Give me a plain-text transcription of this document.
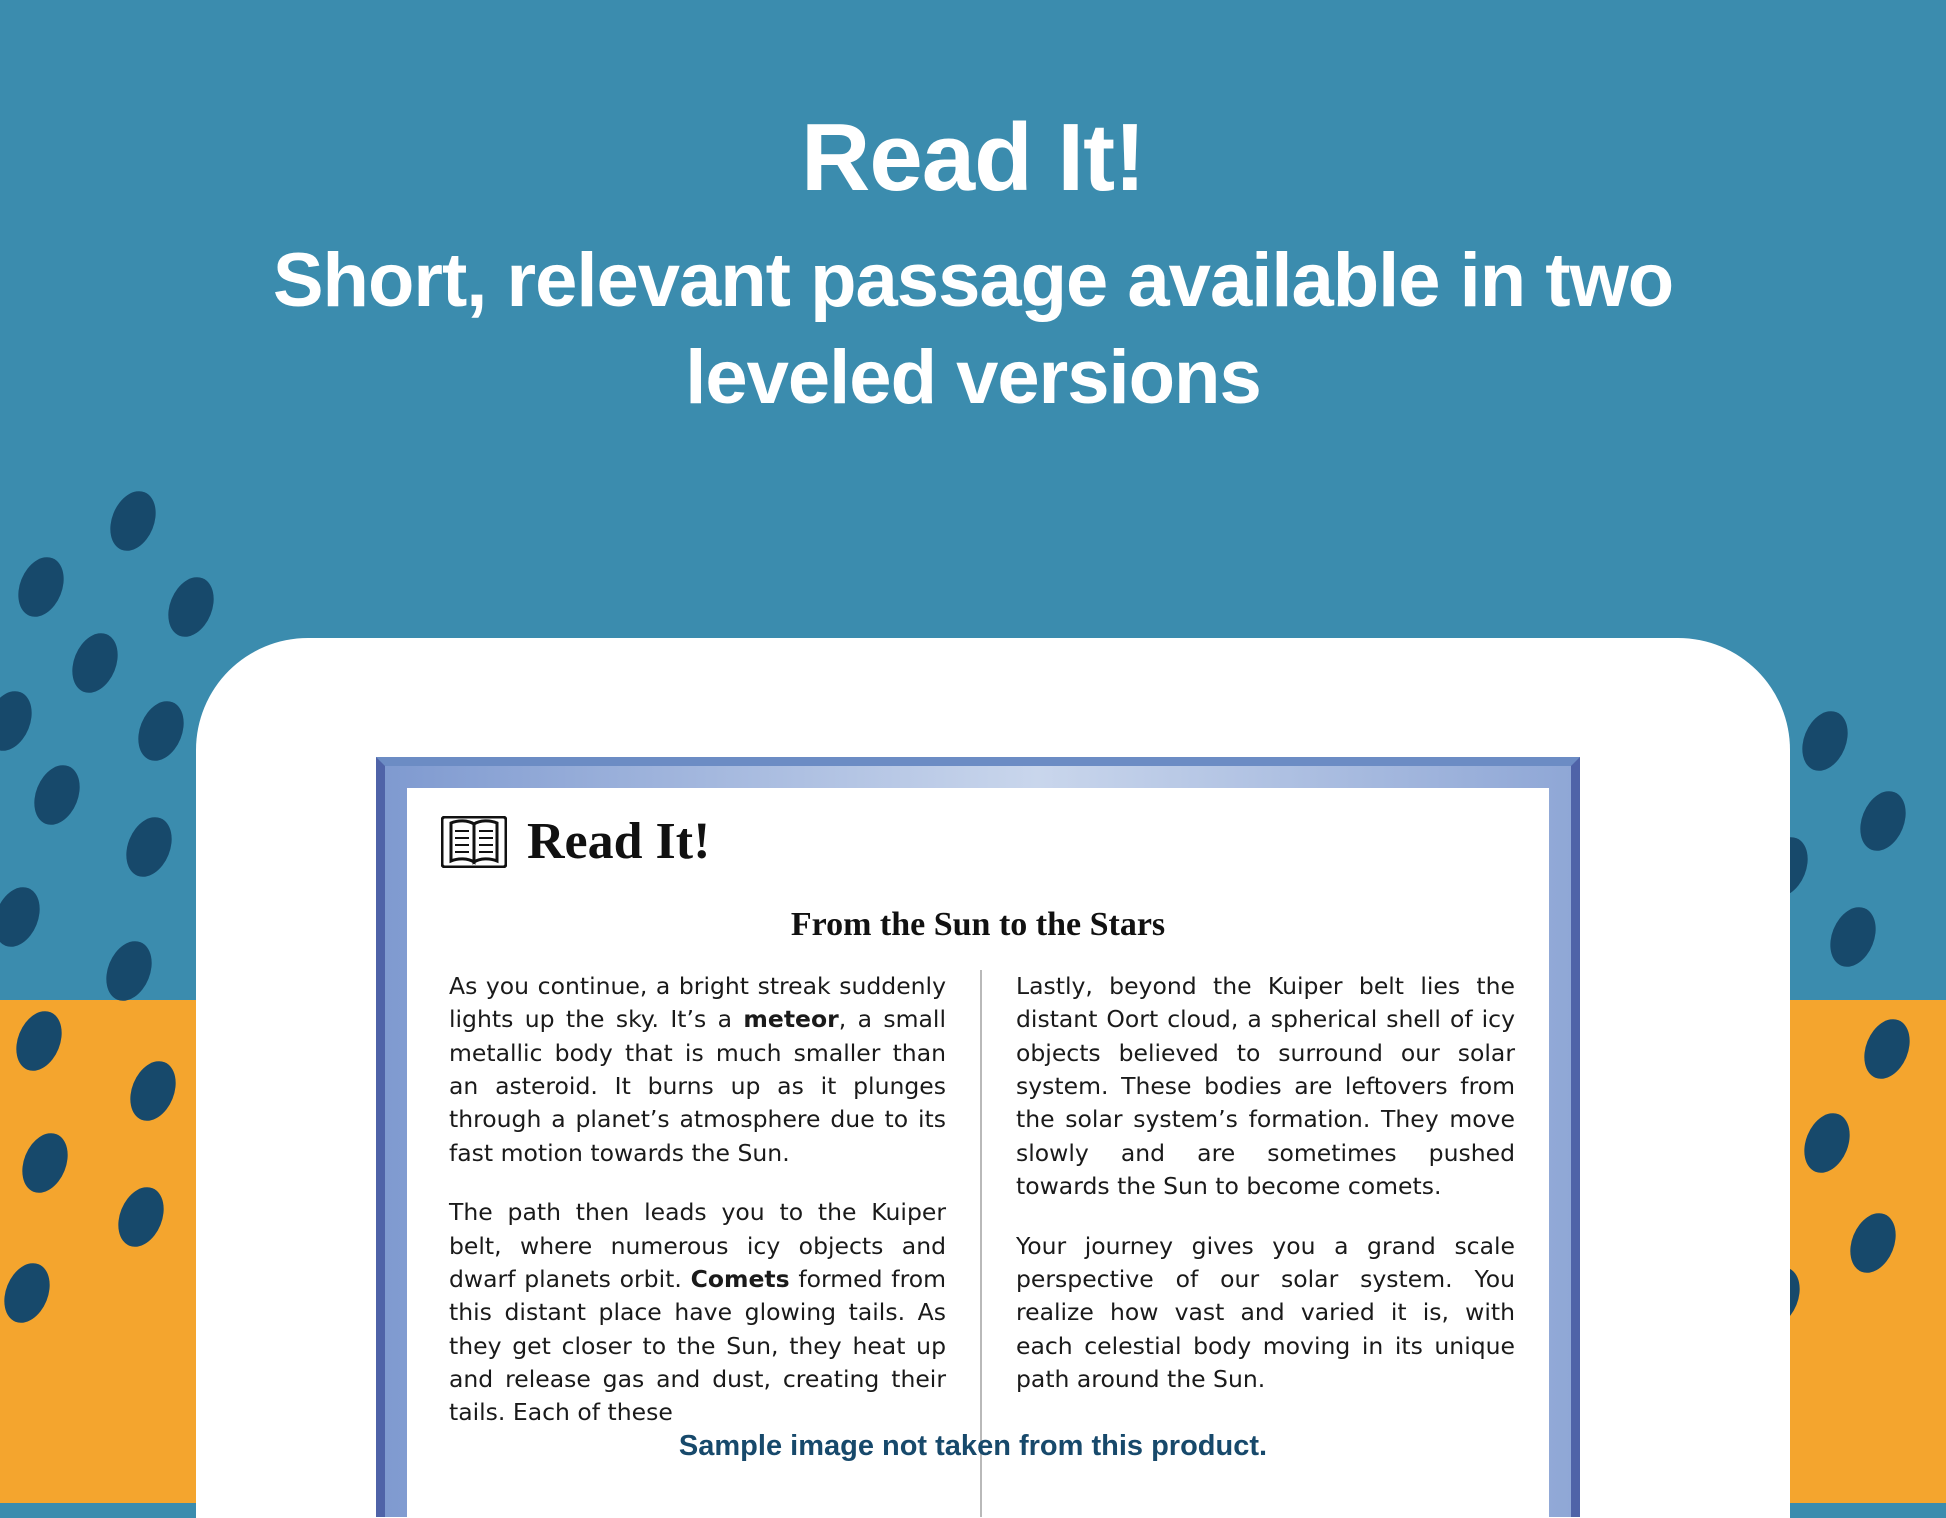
Read It!
Short, relevant passage available in two leveled versions
Read It!
From the Sun to the Stars

As you continue, a bright streak suddenly lights up the sky. It’s a meteor, a small metallic body that is much smaller than an asteroid. It burns up as it plunges through a planet’s atmosphere due to its fast motion towards the Sun.

The path then leads you to the Kuiper belt, where numerous icy objects and dwarf planets orbit. Comets formed from this distant place have glowing tails. As they get closer to the Sun, they heat up and release gas and dust, creating their tails. Each of these

Lastly, beyond the Kuiper belt lies the distant Oort cloud, a spherical shell of icy objects believed to surround our solar system. These bodies are leftovers from the solar system’s formation. They move slowly and are sometimes pushed towards the Sun to become comets.

Your journey gives you a grand scale perspective of our solar system. You realize how vast and varied it is, with each celestial body moving in its unique path around the Sun.

Sample image not taken from this product.
